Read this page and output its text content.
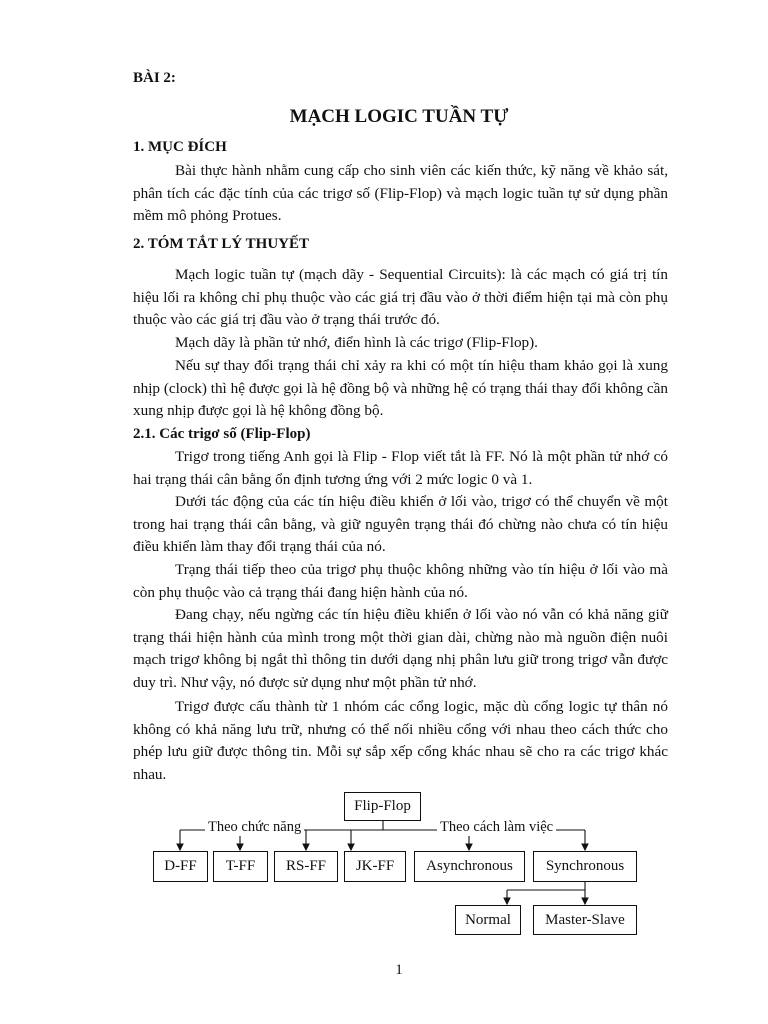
BÀI 2:
MẠCH LOGIC TUẦN TỰ
1. MỤC ĐÍCH

Bài thực hành nhằm cung cấp cho sinh viên các kiến thức, kỹ năng về khảo sát, phân tích các đặc tính của các trigơ số (Flip-Flop) và mạch logic tuần tự sử dụng phần mềm mô phỏng Protues.

2. TÓM TẮT LÝ THUYẾT

Mạch logic tuần tự (mạch dãy - Sequential Circuits): là các mạch có giá trị tín hiệu lối ra không chỉ phụ thuộc vào các giá trị đầu vào ở thời điểm hiện tại mà còn phụ thuộc vào các giá trị đầu vào ở trạng thái trước đó.

Mạch dãy là phần tử nhớ, điển hình là các trigơ (Flip-Flop).

Nếu sự thay đổi trạng thái chỉ xảy ra khi có một tín hiệu tham khảo gọi là xung nhịp (clock) thì hệ được gọi là hệ đồng bộ và những hệ có trạng thái thay đổi không cần xung nhịp được gọi là hệ không đồng bộ.

2.1. Các trigơ số (Flip-Flop)

Trigơ trong tiếng Anh gọi là Flip - Flop viết tắt là FF. Nó là một phần tử nhớ có hai trạng thái cân bằng ổn định tương ứng với 2 mức logic 0 và 1.

Dưới tác động của các tín hiệu điều khiển ở lối vào, trigơ có thể chuyển về một trong hai trạng thái cân bằng, và giữ nguyên trạng thái đó chừng nào chưa có tín hiệu điều khiển làm thay đổi trạng thái của nó.

Trạng thái tiếp theo của trigơ phụ thuộc không những vào tín hiệu ở lối vào mà còn phụ thuộc vào cả trạng thái đang hiện hành của nó.

Đang chạy, nếu ngừng các tín hiệu điều khiển ở lối vào nó vẫn có khả năng giữ trạng thái hiện hành của mình trong một thời gian dài, chừng nào mà nguồn điện nuôi mạch trigơ không bị ngắt thì thông tin dưới dạng nhị phân lưu giữ trong trigơ vẫn được duy trì. Như vậy, nó được sử dụng như một phần tử nhớ.

Trigơ được cấu thành từ 1 nhóm các cổng logic, mặc dù cổng logic tự thân nó không có khả năng lưu trữ, nhưng có thể nối nhiều cổng với nhau theo cách thức cho phép lưu giữ được thông tin. Mỗi sự sắp xếp cổng khác nhau sẽ cho ra các trigơ khác nhau.

Flip-Flop
Theo chức năng	Theo cách làm việc
D-FF	T-FF	RS-FF	JK-FF	Asynchronous	Synchronous
Normal	Master-Slave
1
